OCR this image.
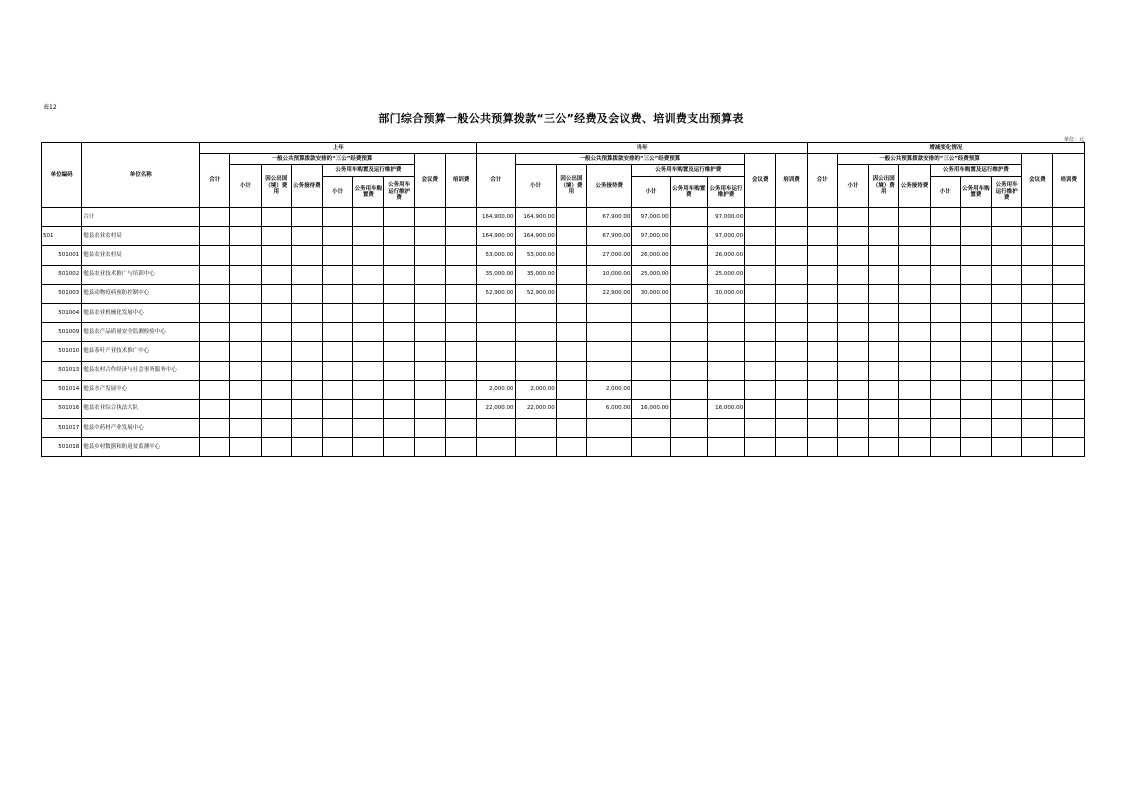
表12
部门综合预算一般公共预算拨款“三公”经费及会议费、培训费支出预算表
单位：元
单位编码	单位名称	上年									当年									增减变化情况								
		合计	一般公共预算拨款安排的“三公”经费预算						会议费	培训费	合计	一般公共预算拨款安排的“三公”经费预算						会议费	培训费	合计	一般公共预算拨款安排的“三公”经费预算						会议费	培训费
			小计	因公出国（境）费用	公务接待费	公务用车购置及运行维护费						小计	因公出国（境）费用	公务接待费	公务用车购置及运行维护费						小计	因公出国（境）费用	公务接待费	公务用车购置及运行维护费				
						小计	公务用车购置费	公务用车运行维护费							小计	公务用车购置费	公务用车运行维护费							小计	公务用车购置费	公务用车运行维护费		
	合计										164,900.00	164,900.00		67,900.00	97,000.00		97,000.00											
501	勉县农业农村局										164,900.00	164,900.00		67,900.00	97,000.00		97,000.00											
501001	勉县农业农村局										53,000.00	53,000.00		27,000.00	26,000.00		26,000.00											
501002	勉县农业技术推广与培训中心										35,000.00	35,000.00		10,000.00	25,000.00		25,000.00											
501003	勉县动物疫病预防控制中心										52,900.00	52,900.00		22,900.00	30,000.00		30,000.00											
501004	勉县农业机械化发展中心																											
501009	勉县农产品质量安全监测检验中心																											
501010	勉县茶叶产业技术推广中心																											
501013	勉县农村合作经济与社会事务服务中心																											
501014	勉县水产发展中心										2,000.00	2,000.00		2,000.00														
501016	勉县农业综合执法大队										22,000.00	22,000.00		6,000.00	16,000.00		16,000.00											
501017	勉县中药材产业发展中心																											
501018	勉县乡村数据和防返贫监测中心																											
